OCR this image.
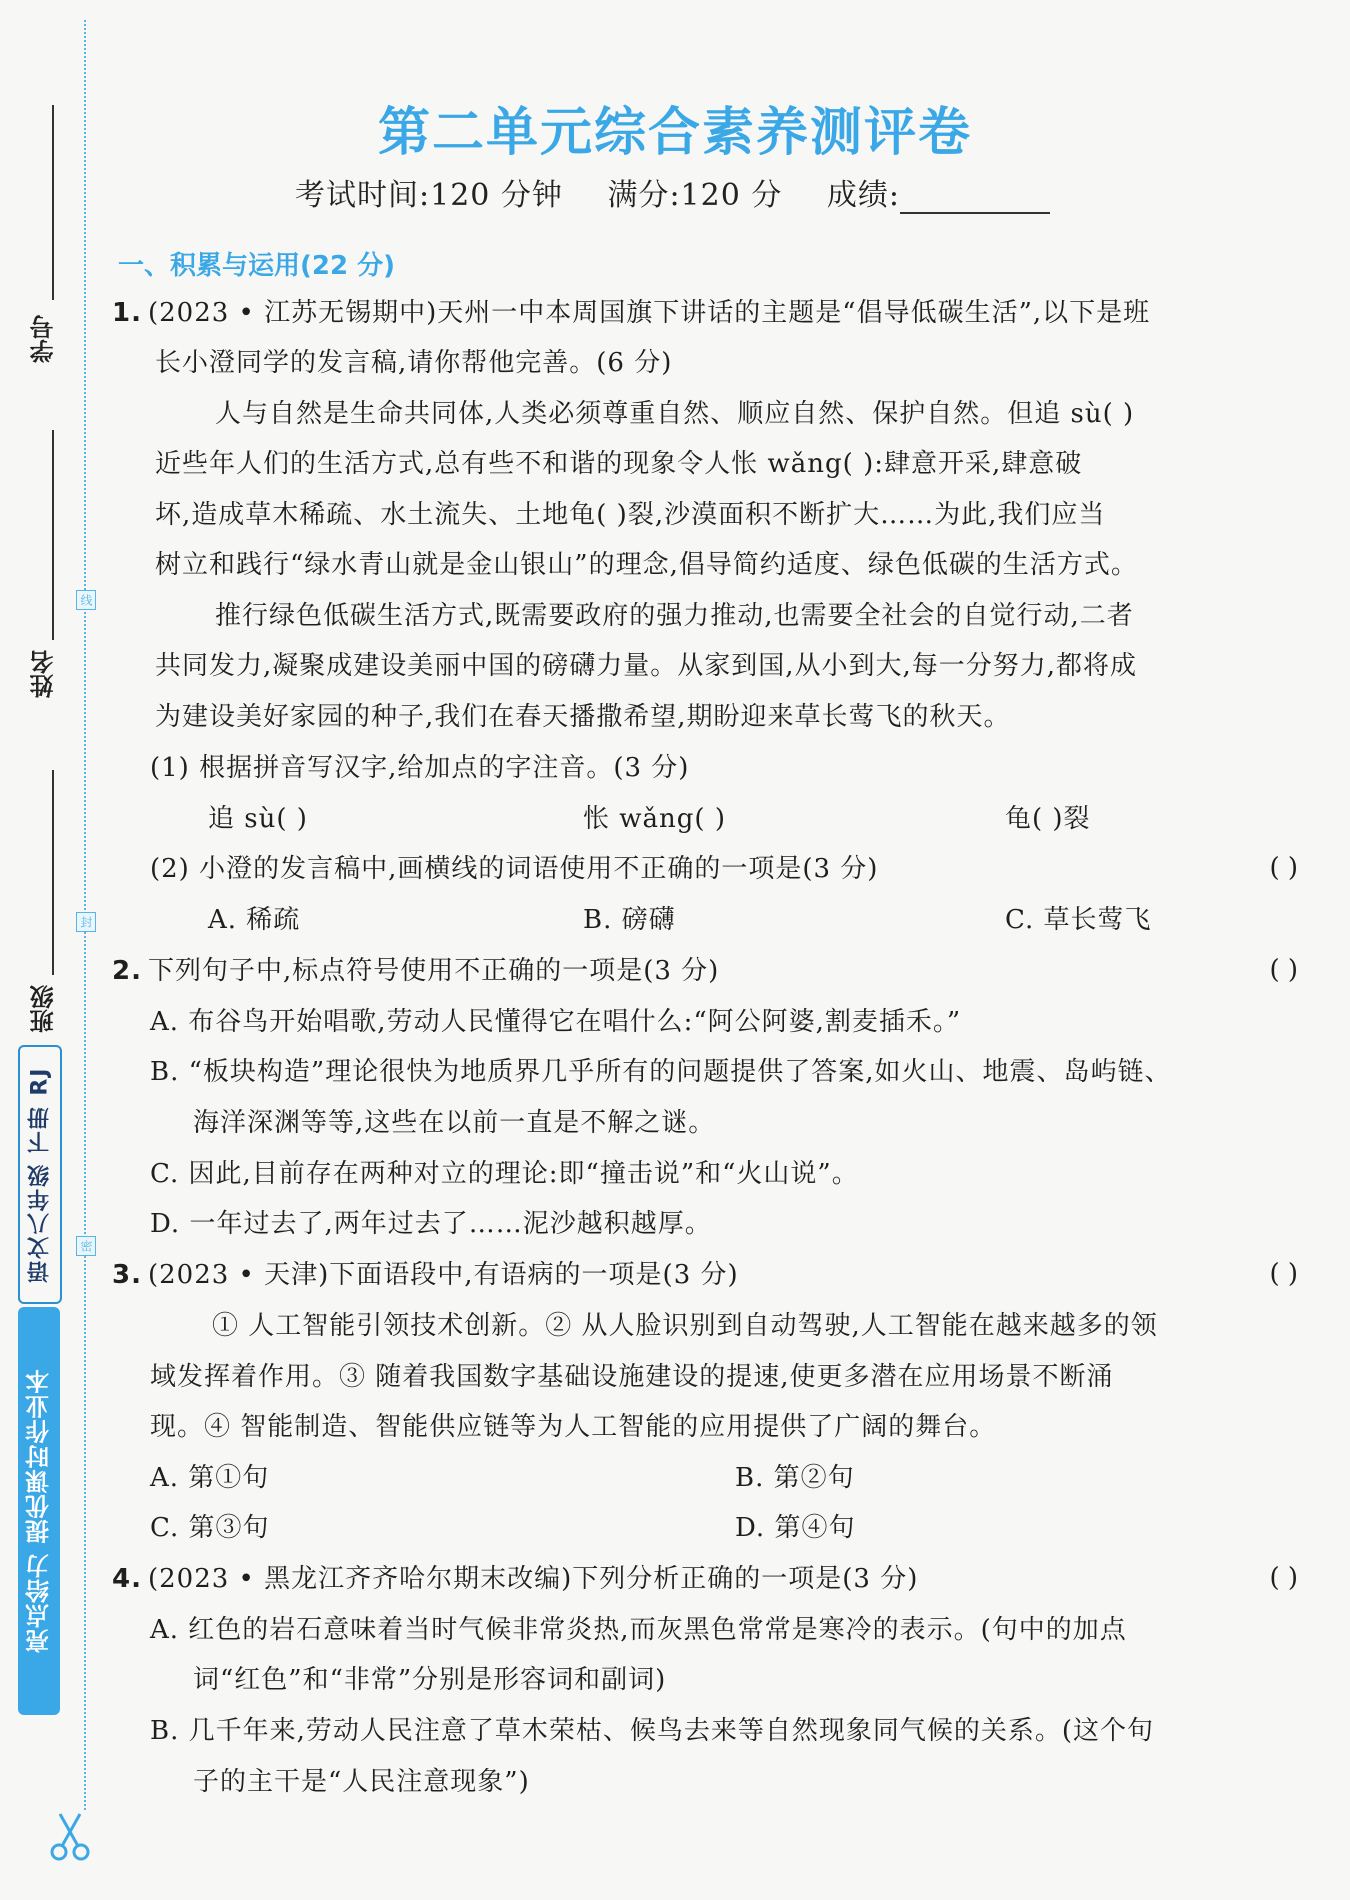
线
封
密
学号
姓名
班级
语文八年级 下册 RJ
亮点给力 提优课时作业本
第二单元综合素养测评卷
考试时间:120 分钟 满分:120 分 成绩:
一、积累与运用(22 分)
1. (2023 • 江苏无锡期中)天州一中本周国旗下讲话的主题是“倡导低碳生活”,以下是班
长小澄同学的发言稿,请你帮他完善。(6 分)
人与自然是生命共同体,人类必须尊重自然、顺应自然、保护自然。但追 sù( )
近些年人们的生活方式,总有些不和谐的现象令人怅 wǎng( ):肆意开采,肆意破
坏,造成草木稀疏、水土流失、土地龟( )裂,沙漠面积不断扩大……为此,我们应当
树立和践行“绿水青山就是金山银山”的理念,倡导简约适度、绿色低碳的生活方式。
推行绿色低碳生活方式,既需要政府的强力推动,也需要全社会的自觉行动,二者
共同发力,凝聚成建设美丽中国的磅礴力量。从家到国,从小到大,每一分努力,都将成
为建设美好家园的种子,我们在春天播撒希望,期盼迎来草长莺飞的秋天。
(1) 根据拼音写汉字,给加点的字注音。(3 分)
追 sù( )	怅 wǎng( )	龟( )裂
(2) 小澄的发言稿中,画横线的词语使用不正确的一项是(3 分)	( )
A. 稀疏	B. 磅礴	C. 草长莺飞
2. 下列句子中,标点符号使用不正确的一项是(3 分)	( )
A. 布谷鸟开始唱歌,劳动人民懂得它在唱什么:“阿公阿婆,割麦插禾。”
B. “板块构造”理论很快为地质界几乎所有的问题提供了答案,如火山、地震、岛屿链、
海洋深渊等等,这些在以前一直是不解之谜。
C. 因此,目前存在两种对立的理论:即“撞击说”和“火山说”。
D. 一年过去了,两年过去了……泥沙越积越厚。
3. (2023 • 天津)下面语段中,有语病的一项是(3 分)	( )
① 人工智能引领技术创新。② 从人脸识别到自动驾驶,人工智能在越来越多的领
域发挥着作用。③ 随着我国数字基础设施建设的提速,使更多潜在应用场景不断涌
现。④ 智能制造、智能供应链等为人工智能的应用提供了广阔的舞台。
A. 第①句	B. 第②句
C. 第③句	D. 第④句
4. (2023 • 黑龙江齐齐哈尔期末改编)下列分析正确的一项是(3 分)	( )
A. 红色的岩石意味着当时气候非常炎热,而灰黑色常常是寒冷的表示。(句中的加点
词“红色”和“非常”分别是形容词和副词)
B. 几千年来,劳动人民注意了草木荣枯、候鸟去来等自然现象同气候的关系。(这个句
子的主干是“人民注意现象”)
